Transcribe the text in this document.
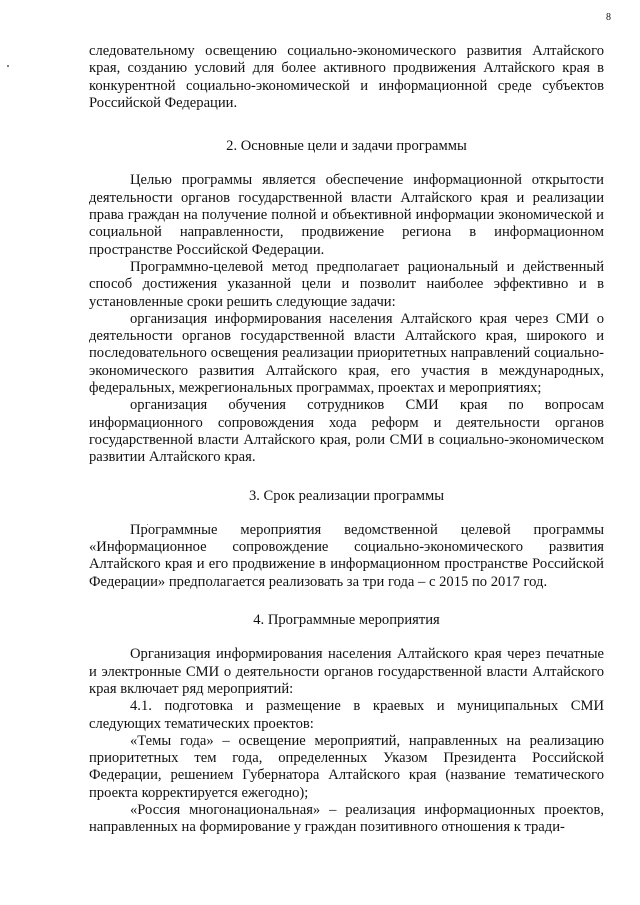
8

следовательному освещению социально-экономического развития Алтайского края, созданию условий для более активного продвижения Алтайского края в конкурентной социально-экономической и информационной среде субъектов Российской Федерации.

2. Основные цели и задачи программы

Целью программы является обеспечение информационной открытости деятельности органов государственной власти Алтайского края и реализации права граждан на получение полной и объективной информации экономической и социальной направленности, продвижение региона в информационном пространстве Российской Федерации.

Программно-целевой метод предполагает рациональный и действенный способ достижения указанной цели и позволит наиболее эффективно и в установленные сроки решить следующие задачи:

организация информирования населения Алтайского края через СМИ о деятельности органов государственной власти Алтайского края, широкого и последовательного освещения реализации приоритетных направлений социально-экономического развития Алтайского края, его участия в международных, федеральных, межрегиональных программах, проектах и мероприятиях;

организация обучения сотрудников СМИ края по вопросам информационного сопровождения хода реформ и деятельности органов государственной власти Алтайского края, роли СМИ в социально-экономическом развитии Алтайского края.

3. Срок реализации программы

Программные мероприятия ведомственной целевой программы «Информационное сопровождение социально-экономического развития Алтайского края и его продвижение в информационном пространстве Российской Федерации» предполагается реализовать за три года – с 2015 по 2017 год.

4. Программные мероприятия

Организация информирования населения Алтайского края через печатные и электронные СМИ о деятельности органов государственной власти Алтайского края включает ряд мероприятий:

4.1. подготовка и размещение в краевых и муниципальных СМИ следующих тематических проектов:

«Темы года» – освещение мероприятий, направленных на реализацию приоритетных тем года, определенных Указом Президента Российской Федерации, решением Губернатора Алтайского края (название тематического проекта корректируется ежегодно);

«Россия многонациональная» – реализация информационных проектов, направленных на формирование у граждан позитивного отношения к тради-
